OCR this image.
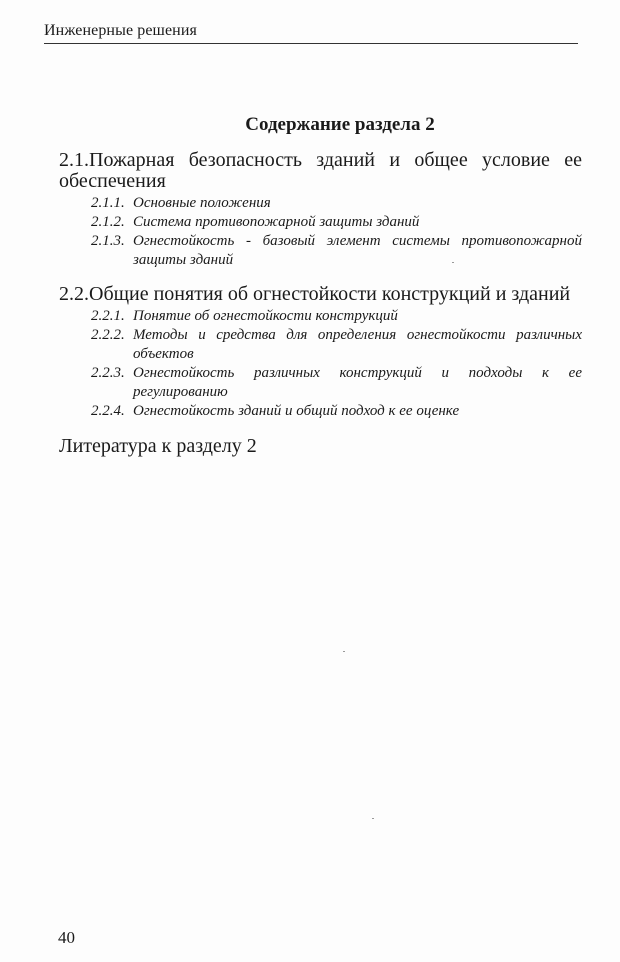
Инженерные решения
Содержание раздела 2
2.1.Пожарная безопасность зданий и общее условие ее обеспечения
2.1.1. Основные положения
2.1.2. Система противопожарной защиты зданий
2.1.3. Огнестойкость - базовый элемент системы противопожарной защиты зданий
2.2.Общие понятия об огнестойкости конструкций и зданий
2.2.1. Понятие об огнестойкости конструкций
2.2.2. Методы и средства для определения огнестойкости различных объектов
2.2.3. Огнестойкость различных конструкций и подходы к ее регулированию
2.2.4. Огнестойкость зданий и общий подход к ее оценке
Литература к разделу 2
40
